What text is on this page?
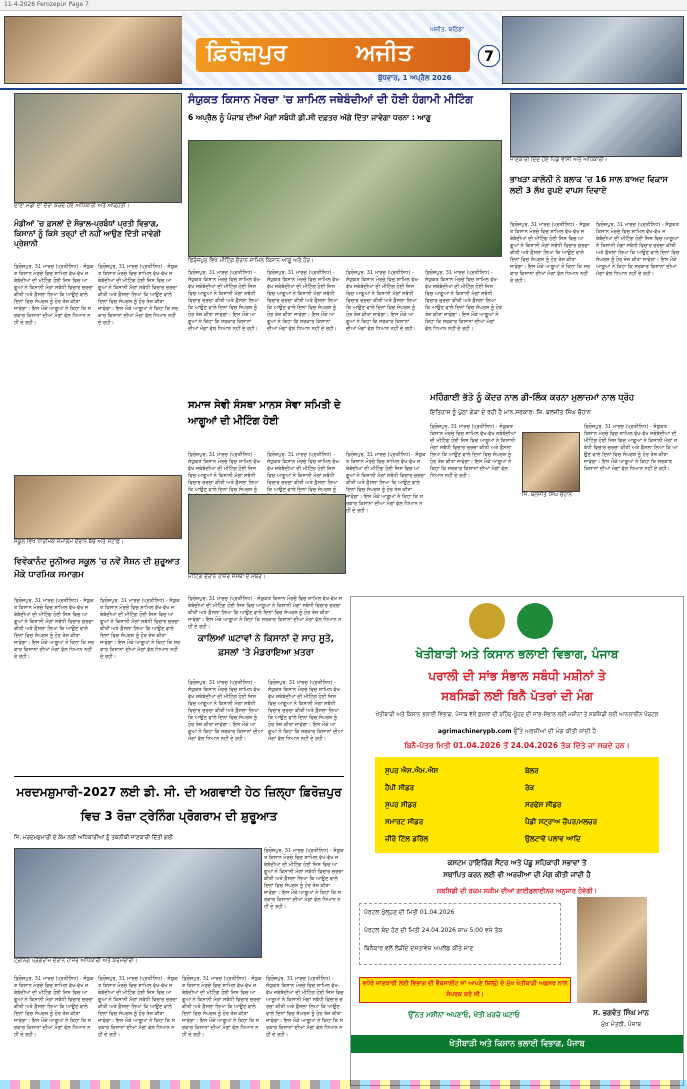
11-4-2026 Ferozepur Page 7
ਫ਼ਿਰੋਜ਼ਪੁਰ	ਅਜੀਤ
ਅਜੀਤ, ਬਠਿੰਡਾ
ਬੁੱਧਵਾਰ, 1 ਅਪ੍ਰੈਲ 2026
7
ਦਾਣਾ ਮੰਡੀ ਦਾ ਦੌਰਾ ਕਰਦੇ ਹੋਏ ਅਧਿਕਾਰੀ ਅਤੇ ਆੜ੍ਹਤੀ।
ਮੰਡੀਆਂ 'ਚ ਫ਼ਸਲਾਂ ਦੇ ਸੰਭਾਲ-ਪ੍ਰਬੰਧਾਂ ਪ੍ਰਤੀ ਵਿਭਾਗ, ਕਿਸਾਨਾਂ ਨੂੰ ਕਿਸੇ ਤਰ੍ਹਾਂ ਦੀ ਨਹੀਂ ਆਉਣ ਦਿੱਤੀ ਜਾਵੇਗੀ ਪ੍ਰੇਸ਼ਾਨੀ
ਫ਼ਿਰੋਜ਼ਪੁਰ, 31 ਮਾਰਚ (ਪ੍ਰਤੀਨਿਧ) - ਸੰਯੁਕਤ ਕਿਸਾਨ ਮੋਰਚੇ ਵਿਚ ਸ਼ਾਮਿਲ ਵੱਖ-ਵੱਖ ਜਥੇਬੰਦੀਆਂ ਦੀ ਮੀਟਿੰਗ ਹੋਈ ਜਿਸ ਵਿਚ ਆਗੂਆਂ ਨੇ ਕਿਸਾਨੀ ਮੰਗਾਂ ਸਬੰਧੀ ਵਿਚਾਰ ਚਰਚਾ ਕੀਤੀ ਅਤੇ ਫ਼ੈਸਲਾ ਲਿਆ ਕਿ ਆਉਣ ਵਾਲੇ ਦਿਨਾਂ ਵਿਚ ਸੰਘਰਸ਼ ਨੂੰ ਹੋਰ ਤੇਜ਼ ਕੀਤਾ ਜਾਵੇਗਾ। ਇਸ ਮੌਕੇ ਆਗੂਆਂ ਨੇ ਕਿਹਾ ਕਿ ਸਰਕਾਰ ਕਿਸਾਨਾਂ ਦੀਆਂ ਮੰਗਾਂ ਵੱਲ ਧਿਆਨ ਨਹੀਂ ਦੇ ਰਹੀ।
ਫ਼ਿਰੋਜ਼ਪੁਰ, 31 ਮਾਰਚ (ਪ੍ਰਤੀਨਿਧ) - ਸੰਯੁਕਤ ਕਿਸਾਨ ਮੋਰਚੇ ਵਿਚ ਸ਼ਾਮਿਲ ਵੱਖ-ਵੱਖ ਜਥੇਬੰਦੀਆਂ ਦੀ ਮੀਟਿੰਗ ਹੋਈ ਜਿਸ ਵਿਚ ਆਗੂਆਂ ਨੇ ਕਿਸਾਨੀ ਮੰਗਾਂ ਸਬੰਧੀ ਵਿਚਾਰ ਚਰਚਾ ਕੀਤੀ ਅਤੇ ਫ਼ੈਸਲਾ ਲਿਆ ਕਿ ਆਉਣ ਵਾਲੇ ਦਿਨਾਂ ਵਿਚ ਸੰਘਰਸ਼ ਨੂੰ ਹੋਰ ਤੇਜ਼ ਕੀਤਾ ਜਾਵੇਗਾ। ਇਸ ਮੌਕੇ ਆਗੂਆਂ ਨੇ ਕਿਹਾ ਕਿ ਸਰਕਾਰ ਕਿਸਾਨਾਂ ਦੀਆਂ ਮੰਗਾਂ ਵੱਲ ਧਿਆਨ ਨਹੀਂ ਦੇ ਰਹੀ।
ਸੰਯੁਕਤ ਕਿਸਾਨ ਮੋਰਚਾ 'ਚ ਸ਼ਾਮਿਲ ਜਥੇਬੰਦੀਆਂ ਦੀ ਹੋਈ ਹੰਗਾਮੀ ਮੀਟਿੰਗ
6 ਅਪ੍ਰੈਲ ਨੂੰ ਪੰਜਾਬ ਦੀਆਂ ਮੰਗਾਂ ਸਬੰਧੀ ਡੀ.ਸੀ ਦਫ਼ਤਰ ਅੱਗੇ ਦਿੱਤਾ ਜਾਵੇਗਾ ਧਰਨਾ : ਆਗੂ
ਫ਼ਿਰੋਜ਼ਪੁਰ ਵਿਖੇ ਮੀਟਿੰਗ ਦੌਰਾਨ ਸ਼ਾਮਿਲ ਕਿਸਾਨ ਆਗੂ ਅਤੇ ਹੋਰ।
ਫ਼ਿਰੋਜ਼ਪੁਰ, 31 ਮਾਰਚ (ਪ੍ਰਤੀਨਿਧ) - ਸੰਯੁਕਤ ਕਿਸਾਨ ਮੋਰਚੇ ਵਿਚ ਸ਼ਾਮਿਲ ਵੱਖ-ਵੱਖ ਜਥੇਬੰਦੀਆਂ ਦੀ ਮੀਟਿੰਗ ਹੋਈ ਜਿਸ ਵਿਚ ਆਗੂਆਂ ਨੇ ਕਿਸਾਨੀ ਮੰਗਾਂ ਸਬੰਧੀ ਵਿਚਾਰ ਚਰਚਾ ਕੀਤੀ ਅਤੇ ਫ਼ੈਸਲਾ ਲਿਆ ਕਿ ਆਉਣ ਵਾਲੇ ਦਿਨਾਂ ਵਿਚ ਸੰਘਰਸ਼ ਨੂੰ ਹੋਰ ਤੇਜ਼ ਕੀਤਾ ਜਾਵੇਗਾ। ਇਸ ਮੌਕੇ ਆਗੂਆਂ ਨੇ ਕਿਹਾ ਕਿ ਸਰਕਾਰ ਕਿਸਾਨਾਂ ਦੀਆਂ ਮੰਗਾਂ ਵੱਲ ਧਿਆਨ ਨਹੀਂ ਦੇ ਰਹੀ।
ਫ਼ਿਰੋਜ਼ਪੁਰ, 31 ਮਾਰਚ (ਪ੍ਰਤੀਨਿਧ) - ਸੰਯੁਕਤ ਕਿਸਾਨ ਮੋਰਚੇ ਵਿਚ ਸ਼ਾਮਿਲ ਵੱਖ-ਵੱਖ ਜਥੇਬੰਦੀਆਂ ਦੀ ਮੀਟਿੰਗ ਹੋਈ ਜਿਸ ਵਿਚ ਆਗੂਆਂ ਨੇ ਕਿਸਾਨੀ ਮੰਗਾਂ ਸਬੰਧੀ ਵਿਚਾਰ ਚਰਚਾ ਕੀਤੀ ਅਤੇ ਫ਼ੈਸਲਾ ਲਿਆ ਕਿ ਆਉਣ ਵਾਲੇ ਦਿਨਾਂ ਵਿਚ ਸੰਘਰਸ਼ ਨੂੰ ਹੋਰ ਤੇਜ਼ ਕੀਤਾ ਜਾਵੇਗਾ। ਇਸ ਮੌਕੇ ਆਗੂਆਂ ਨੇ ਕਿਹਾ ਕਿ ਸਰਕਾਰ ਕਿਸਾਨਾਂ ਦੀਆਂ ਮੰਗਾਂ ਵੱਲ ਧਿਆਨ ਨਹੀਂ ਦੇ ਰਹੀ।
ਫ਼ਿਰੋਜ਼ਪੁਰ, 31 ਮਾਰਚ (ਪ੍ਰਤੀਨਿਧ) - ਸੰਯੁਕਤ ਕਿਸਾਨ ਮੋਰਚੇ ਵਿਚ ਸ਼ਾਮਿਲ ਵੱਖ-ਵੱਖ ਜਥੇਬੰਦੀਆਂ ਦੀ ਮੀਟਿੰਗ ਹੋਈ ਜਿਸ ਵਿਚ ਆਗੂਆਂ ਨੇ ਕਿਸਾਨੀ ਮੰਗਾਂ ਸਬੰਧੀ ਵਿਚਾਰ ਚਰਚਾ ਕੀਤੀ ਅਤੇ ਫ਼ੈਸਲਾ ਲਿਆ ਕਿ ਆਉਣ ਵਾਲੇ ਦਿਨਾਂ ਵਿਚ ਸੰਘਰਸ਼ ਨੂੰ ਹੋਰ ਤੇਜ਼ ਕੀਤਾ ਜਾਵੇਗਾ। ਇਸ ਮੌਕੇ ਆਗੂਆਂ ਨੇ ਕਿਹਾ ਕਿ ਸਰਕਾਰ ਕਿਸਾਨਾਂ ਦੀਆਂ ਮੰਗਾਂ ਵੱਲ ਧਿਆਨ ਨਹੀਂ ਦੇ ਰਹੀ।
ਫ਼ਿਰੋਜ਼ਪੁਰ, 31 ਮਾਰਚ (ਪ੍ਰਤੀਨਿਧ) - ਸੰਯੁਕਤ ਕਿਸਾਨ ਮੋਰਚੇ ਵਿਚ ਸ਼ਾਮਿਲ ਵੱਖ-ਵੱਖ ਜਥੇਬੰਦੀਆਂ ਦੀ ਮੀਟਿੰਗ ਹੋਈ ਜਿਸ ਵਿਚ ਆਗੂਆਂ ਨੇ ਕਿਸਾਨੀ ਮੰਗਾਂ ਸਬੰਧੀ ਵਿਚਾਰ ਚਰਚਾ ਕੀਤੀ ਅਤੇ ਫ਼ੈਸਲਾ ਲਿਆ ਕਿ ਆਉਣ ਵਾਲੇ ਦਿਨਾਂ ਵਿਚ ਸੰਘਰਸ਼ ਨੂੰ ਹੋਰ ਤੇਜ਼ ਕੀਤਾ ਜਾਵੇਗਾ। ਇਸ ਮੌਕੇ ਆਗੂਆਂ ਨੇ ਕਿਹਾ ਕਿ ਸਰਕਾਰ ਕਿਸਾਨਾਂ ਦੀਆਂ ਮੰਗਾਂ ਵੱਲ ਧਿਆਨ ਨਹੀਂ ਦੇ ਰਹੀ।
ਜਾਣਕਾਰੀ ਦਿੰਦੇ ਹੋਏ ਪਿੰਡ ਵਾਸੀ ਅਤੇ ਅਧਿਕਾਰੀ।
ਭਾਖੜਾ ਕਾਲੋਨੀ ਨੇ ਬਲਾਕ 'ਚ 16 ਸਾਲ ਬਾਅਦ ਵਿਕਾਸ ਲਈ 3 ਲੱਖ ਰੁਪਏ ਵਾਪਸ ਦਿਵਾਏ
ਫ਼ਿਰੋਜ਼ਪੁਰ, 31 ਮਾਰਚ (ਪ੍ਰਤੀਨਿਧ) - ਸੰਯੁਕਤ ਕਿਸਾਨ ਮੋਰਚੇ ਵਿਚ ਸ਼ਾਮਿਲ ਵੱਖ-ਵੱਖ ਜਥੇਬੰਦੀਆਂ ਦੀ ਮੀਟਿੰਗ ਹੋਈ ਜਿਸ ਵਿਚ ਆਗੂਆਂ ਨੇ ਕਿਸਾਨੀ ਮੰਗਾਂ ਸਬੰਧੀ ਵਿਚਾਰ ਚਰਚਾ ਕੀਤੀ ਅਤੇ ਫ਼ੈਸਲਾ ਲਿਆ ਕਿ ਆਉਣ ਵਾਲੇ ਦਿਨਾਂ ਵਿਚ ਸੰਘਰਸ਼ ਨੂੰ ਹੋਰ ਤੇਜ਼ ਕੀਤਾ ਜਾਵੇਗਾ। ਇਸ ਮੌਕੇ ਆਗੂਆਂ ਨੇ ਕਿਹਾ ਕਿ ਸਰਕਾਰ ਕਿਸਾਨਾਂ ਦੀਆਂ ਮੰਗਾਂ ਵੱਲ ਧਿਆਨ ਨਹੀਂ ਦੇ ਰਹੀ।
ਫ਼ਿਰੋਜ਼ਪੁਰ, 31 ਮਾਰਚ (ਪ੍ਰਤੀਨਿਧ) - ਸੰਯੁਕਤ ਕਿਸਾਨ ਮੋਰਚੇ ਵਿਚ ਸ਼ਾਮਿਲ ਵੱਖ-ਵੱਖ ਜਥੇਬੰਦੀਆਂ ਦੀ ਮੀਟਿੰਗ ਹੋਈ ਜਿਸ ਵਿਚ ਆਗੂਆਂ ਨੇ ਕਿਸਾਨੀ ਮੰਗਾਂ ਸਬੰਧੀ ਵਿਚਾਰ ਚਰਚਾ ਕੀਤੀ ਅਤੇ ਫ਼ੈਸਲਾ ਲਿਆ ਕਿ ਆਉਣ ਵਾਲੇ ਦਿਨਾਂ ਵਿਚ ਸੰਘਰਸ਼ ਨੂੰ ਹੋਰ ਤੇਜ਼ ਕੀਤਾ ਜਾਵੇਗਾ। ਇਸ ਮੌਕੇ ਆਗੂਆਂ ਨੇ ਕਿਹਾ ਕਿ ਸਰਕਾਰ ਕਿਸਾਨਾਂ ਦੀਆਂ ਮੰਗਾਂ ਵੱਲ ਧਿਆਨ ਨਹੀਂ ਦੇ ਰਹੀ।
ਸਮਾਜ ਸੇਵੀ ਸੰਸਥਾ ਮਾਨਸ ਸੇਵਾ ਸਮਿਤੀ ਦੇ ਆਗੂਆਂ ਦੀ ਮੀਟਿੰਗ ਹੋਈ
ਫ਼ਿਰੋਜ਼ਪੁਰ, 31 ਮਾਰਚ (ਪ੍ਰਤੀਨਿਧ) - ਸੰਯੁਕਤ ਕਿਸਾਨ ਮੋਰਚੇ ਵਿਚ ਸ਼ਾਮਿਲ ਵੱਖ-ਵੱਖ ਜਥੇਬੰਦੀਆਂ ਦੀ ਮੀਟਿੰਗ ਹੋਈ ਜਿਸ ਵਿਚ ਆਗੂਆਂ ਨੇ ਕਿਸਾਨੀ ਮੰਗਾਂ ਸਬੰਧੀ ਵਿਚਾਰ ਚਰਚਾ ਕੀਤੀ ਅਤੇ ਫ਼ੈਸਲਾ ਲਿਆ ਕਿ ਆਉਣ ਵਾਲੇ ਦਿਨਾਂ ਵਿਚ ਸੰਘਰਸ਼ ਨੂੰ
ਫ਼ਿਰੋਜ਼ਪੁਰ, 31 ਮਾਰਚ (ਪ੍ਰਤੀਨਿਧ) - ਸੰਯੁਕਤ ਕਿਸਾਨ ਮੋਰਚੇ ਵਿਚ ਸ਼ਾਮਿਲ ਵੱਖ-ਵੱਖ ਜਥੇਬੰਦੀਆਂ ਦੀ ਮੀਟਿੰਗ ਹੋਈ ਜਿਸ ਵਿਚ ਆਗੂਆਂ ਨੇ ਕਿਸਾਨੀ ਮੰਗਾਂ ਸਬੰਧੀ ਵਿਚਾਰ ਚਰਚਾ ਕੀਤੀ ਅਤੇ ਫ਼ੈਸਲਾ ਲਿਆ ਕਿ ਆਉਣ ਵਾਲੇ ਦਿਨਾਂ ਵਿਚ ਸੰਘਰਸ਼ ਨੂੰ
ਮੀਟਿੰਗ ਦੌਰਾਨ ਹਾਜ਼ਰ ਸੰਸਥਾ ਦੇ ਮੈਂਬਰ।
ਫ਼ਿਰੋਜ਼ਪੁਰ, 31 ਮਾਰਚ (ਪ੍ਰਤੀਨਿਧ) - ਸੰਯੁਕਤ ਕਿਸਾਨ ਮੋਰਚੇ ਵਿਚ ਸ਼ਾਮਿਲ ਵੱਖ-ਵੱਖ ਜਥੇਬੰਦੀਆਂ ਦੀ ਮੀਟਿੰਗ ਹੋਈ ਜਿਸ ਵਿਚ ਆਗੂਆਂ ਨੇ ਕਿਸਾਨੀ ਮੰਗਾਂ ਸਬੰਧੀ ਵਿਚਾਰ ਚਰਚਾ ਕੀਤੀ ਅਤੇ ਫ਼ੈਸਲਾ ਲਿਆ ਕਿ ਆਉਣ ਵਾਲੇ ਦਿਨਾਂ ਵਿਚ ਸੰਘਰਸ਼ ਨੂੰ ਹੋਰ ਤੇਜ਼ ਕੀਤਾ ਜਾਵੇਗਾ। ਇਸ ਮੌਕੇ ਆਗੂਆਂ ਨੇ ਕਿਹਾ ਕਿ ਸਰਕਾਰ ਕਿਸਾਨਾਂ ਦੀਆਂ ਮੰਗਾਂ ਵੱਲ ਧਿਆਨ ਨਹੀਂ ਦੇ ਰਹੀ।
ਮਹਿੰਗਾਈ ਭੱਤੇ ਨੂੰ ਕੇਂਦਰ ਨਾਲ ਡੀ-ਲਿੰਕ ਕਰਨਾ ਮੁਲਾਜ਼ਮਾਂ ਨਾਲ ਧ੍ਰੋਹ
ਇਤਿਹਾਸ ਨੂੰ ਪੁੱਠਾ ਗੇੜਾ ਦੇ ਰਹੀ ਹੈ ਮਾਨ ਸਰਕਾਰ: ਜਿ. ਬਲਜੀਤ ਸਿੰਘ ਚੌਹਾਨ
ਫ਼ਿਰੋਜ਼ਪੁਰ, 31 ਮਾਰਚ (ਪ੍ਰਤੀਨਿਧ) - ਸੰਯੁਕਤ ਕਿਸਾਨ ਮੋਰਚੇ ਵਿਚ ਸ਼ਾਮਿਲ ਵੱਖ-ਵੱਖ ਜਥੇਬੰਦੀਆਂ ਦੀ ਮੀਟਿੰਗ ਹੋਈ ਜਿਸ ਵਿਚ ਆਗੂਆਂ ਨੇ ਕਿਸਾਨੀ ਮੰਗਾਂ ਸਬੰਧੀ ਵਿਚਾਰ ਚਰਚਾ ਕੀਤੀ ਅਤੇ ਫ਼ੈਸਲਾ ਲਿਆ ਕਿ ਆਉਣ ਵਾਲੇ ਦਿਨਾਂ ਵਿਚ ਸੰਘਰਸ਼ ਨੂੰ ਹੋਰ ਤੇਜ਼ ਕੀਤਾ ਜਾਵੇਗਾ। ਇਸ ਮੌਕੇ ਆਗੂਆਂ ਨੇ ਕਿਹਾ ਕਿ ਸਰਕਾਰ ਕਿਸਾਨਾਂ ਦੀਆਂ ਮੰਗਾਂ ਵੱਲ ਧਿਆਨ ਨਹੀਂ ਦੇ ਰਹੀ।
ਜਿ. ਬਲਜੀਤ ਸਿੰਘ ਚੌਹਾਨ
ਫ਼ਿਰੋਜ਼ਪੁਰ, 31 ਮਾਰਚ (ਪ੍ਰਤੀਨਿਧ) - ਸੰਯੁਕਤ ਕਿਸਾਨ ਮੋਰਚੇ ਵਿਚ ਸ਼ਾਮਿਲ ਵੱਖ-ਵੱਖ ਜਥੇਬੰਦੀਆਂ ਦੀ ਮੀਟਿੰਗ ਹੋਈ ਜਿਸ ਵਿਚ ਆਗੂਆਂ ਨੇ ਕਿਸਾਨੀ ਮੰਗਾਂ ਸਬੰਧੀ ਵਿਚਾਰ ਚਰਚਾ ਕੀਤੀ ਅਤੇ ਫ਼ੈਸਲਾ ਲਿਆ ਕਿ ਆਉਣ ਵਾਲੇ ਦਿਨਾਂ ਵਿਚ ਸੰਘਰਸ਼ ਨੂੰ ਹੋਰ ਤੇਜ਼ ਕੀਤਾ ਜਾਵੇਗਾ। ਇਸ ਮੌਕੇ ਆਗੂਆਂ ਨੇ ਕਿਹਾ ਕਿ ਸਰਕਾਰ ਕਿਸਾਨਾਂ ਦੀਆਂ ਮੰਗਾਂ ਵੱਲ ਧਿਆਨ ਨਹੀਂ ਦੇ ਰਹੀ।
ਸਕੂਲ ਵਿਖੇ ਧਾਰਮਿਕ ਸਮਾਗਮ ਦੌਰਾਨ ਬੱਚੇ ਅਤੇ ਸਟਾਫ਼।
ਵਿਵੇਕਾਨੰਦ ਜੂਨੀਅਰ ਸਕੂਲ 'ਚ ਨਵੇਂ ਸੈਸ਼ਨ ਦੀ ਸ਼ੁਰੂਆਤ ਮੌਕੇ ਧਾਰਮਿਕ ਸਮਾਗਮ
ਫ਼ਿਰੋਜ਼ਪੁਰ, 31 ਮਾਰਚ (ਪ੍ਰਤੀਨਿਧ) - ਸੰਯੁਕਤ ਕਿਸਾਨ ਮੋਰਚੇ ਵਿਚ ਸ਼ਾਮਿਲ ਵੱਖ-ਵੱਖ ਜਥੇਬੰਦੀਆਂ ਦੀ ਮੀਟਿੰਗ ਹੋਈ ਜਿਸ ਵਿਚ ਆਗੂਆਂ ਨੇ ਕਿਸਾਨੀ ਮੰਗਾਂ ਸਬੰਧੀ ਵਿਚਾਰ ਚਰਚਾ ਕੀਤੀ ਅਤੇ ਫ਼ੈਸਲਾ ਲਿਆ ਕਿ ਆਉਣ ਵਾਲੇ ਦਿਨਾਂ ਵਿਚ ਸੰਘਰਸ਼ ਨੂੰ ਹੋਰ ਤੇਜ਼ ਕੀਤਾ ਜਾਵੇਗਾ। ਇਸ ਮੌਕੇ ਆਗੂਆਂ ਨੇ ਕਿਹਾ ਕਿ ਸਰਕਾਰ ਕਿਸਾਨਾਂ ਦੀਆਂ ਮੰਗਾਂ ਵੱਲ ਧਿਆਨ ਨਹੀਂ ਦੇ ਰਹੀ।
ਫ਼ਿਰੋਜ਼ਪੁਰ, 31 ਮਾਰਚ (ਪ੍ਰਤੀਨਿਧ) - ਸੰਯੁਕਤ ਕਿਸਾਨ ਮੋਰਚੇ ਵਿਚ ਸ਼ਾਮਿਲ ਵੱਖ-ਵੱਖ ਜਥੇਬੰਦੀਆਂ ਦੀ ਮੀਟਿੰਗ ਹੋਈ ਜਿਸ ਵਿਚ ਆਗੂਆਂ ਨੇ ਕਿਸਾਨੀ ਮੰਗਾਂ ਸਬੰਧੀ ਵਿਚਾਰ ਚਰਚਾ ਕੀਤੀ ਅਤੇ ਫ਼ੈਸਲਾ ਲਿਆ ਕਿ ਆਉਣ ਵਾਲੇ ਦਿਨਾਂ ਵਿਚ ਸੰਘਰਸ਼ ਨੂੰ ਹੋਰ ਤੇਜ਼ ਕੀਤਾ ਜਾਵੇਗਾ। ਇਸ ਮੌਕੇ ਆਗੂਆਂ ਨੇ ਕਿਹਾ ਕਿ ਸਰਕਾਰ ਕਿਸਾਨਾਂ ਦੀਆਂ ਮੰਗਾਂ ਵੱਲ ਧਿਆਨ ਨਹੀਂ ਦੇ ਰਹੀ।
ਫ਼ਿਰੋਜ਼ਪੁਰ, 31 ਮਾਰਚ (ਪ੍ਰਤੀਨਿਧ) - ਸੰਯੁਕਤ ਕਿਸਾਨ ਮੋਰਚੇ ਵਿਚ ਸ਼ਾਮਿਲ ਵੱਖ-ਵੱਖ ਜਥੇਬੰਦੀਆਂ ਦੀ ਮੀਟਿੰਗ ਹੋਈ ਜਿਸ ਵਿਚ ਆਗੂਆਂ ਨੇ ਕਿਸਾਨੀ ਮੰਗਾਂ ਸਬੰਧੀ ਵਿਚਾਰ ਚਰਚਾ ਕੀਤੀ ਅਤੇ ਫ਼ੈਸਲਾ ਲਿਆ ਕਿ ਆਉਣ ਵਾਲੇ ਦਿਨਾਂ ਵਿਚ ਸੰਘਰਸ਼ ਨੂੰ ਹੋਰ ਤੇਜ਼ ਕੀਤਾ ਜਾਵੇਗਾ। ਇਸ ਮੌਕੇ ਆਗੂਆਂ ਨੇ ਕਿਹਾ ਕਿ ਸਰਕਾਰ ਕਿਸਾਨਾਂ ਦੀਆਂ ਮੰਗਾਂ ਵੱਲ ਧਿਆਨ ਨਹੀਂ ਦੇ ਰਹੀ।
ਕਾਲਿਆਂ ਘਟਾਵਾਂ ਨੇ ਕਿਸਾਨਾਂ ਦੇ ਸਾਹ ਸੂਤੇ, ਫ਼ਸਲਾਂ 'ਤੇ ਮੰਡਰਾਇਆ ਖ਼ਤਰਾ
ਫ਼ਿਰੋਜ਼ਪੁਰ, 31 ਮਾਰਚ (ਪ੍ਰਤੀਨਿਧ) - ਸੰਯੁਕਤ ਕਿਸਾਨ ਮੋਰਚੇ ਵਿਚ ਸ਼ਾਮਿਲ ਵੱਖ-ਵੱਖ ਜਥੇਬੰਦੀਆਂ ਦੀ ਮੀਟਿੰਗ ਹੋਈ ਜਿਸ ਵਿਚ ਆਗੂਆਂ ਨੇ ਕਿਸਾਨੀ ਮੰਗਾਂ ਸਬੰਧੀ ਵਿਚਾਰ ਚਰਚਾ ਕੀਤੀ ਅਤੇ ਫ਼ੈਸਲਾ ਲਿਆ ਕਿ ਆਉਣ ਵਾਲੇ ਦਿਨਾਂ ਵਿਚ ਸੰਘਰਸ਼ ਨੂੰ ਹੋਰ ਤੇਜ਼ ਕੀਤਾ ਜਾਵੇਗਾ। ਇਸ ਮੌਕੇ ਆਗੂਆਂ ਨੇ ਕਿਹਾ ਕਿ ਸਰਕਾਰ ਕਿਸਾਨਾਂ ਦੀਆਂ ਮੰਗਾਂ ਵੱਲ ਧਿਆਨ ਨਹੀਂ ਦੇ ਰਹੀ।
ਫ਼ਿਰੋਜ਼ਪੁਰ, 31 ਮਾਰਚ (ਪ੍ਰਤੀਨਿਧ) - ਸੰਯੁਕਤ ਕਿਸਾਨ ਮੋਰਚੇ ਵਿਚ ਸ਼ਾਮਿਲ ਵੱਖ-ਵੱਖ ਜਥੇਬੰਦੀਆਂ ਦੀ ਮੀਟਿੰਗ ਹੋਈ ਜਿਸ ਵਿਚ ਆਗੂਆਂ ਨੇ ਕਿਸਾਨੀ ਮੰਗਾਂ ਸਬੰਧੀ ਵਿਚਾਰ ਚਰਚਾ ਕੀਤੀ ਅਤੇ ਫ਼ੈਸਲਾ ਲਿਆ ਕਿ ਆਉਣ ਵਾਲੇ ਦਿਨਾਂ ਵਿਚ ਸੰਘਰਸ਼ ਨੂੰ ਹੋਰ ਤੇਜ਼ ਕੀਤਾ ਜਾਵੇਗਾ। ਇਸ ਮੌਕੇ ਆਗੂਆਂ ਨੇ ਕਿਹਾ ਕਿ ਸਰਕਾਰ ਕਿਸਾਨਾਂ ਦੀਆਂ ਮੰਗਾਂ ਵੱਲ ਧਿਆਨ ਨਹੀਂ ਦੇ ਰਹੀ।
ਮਰਦਮਸ਼ੁਮਾਰੀ-2027 ਲਈ ਡੀ. ਸੀ. ਦੀ ਅਗਵਾਈ ਹੇਠ ਜ਼ਿਲ੍ਹਾ ਫ਼ਿਰੋਜ਼ਪੁਰ ਵਿਚ 3 ਰੋਜ਼ਾ ਟ੍ਰੇਨਿੰਗ ਪ੍ਰੋਗਰਾਮ ਦੀ ਸ਼ੁਰੂਆਤ
ਜਿ. ਮਰਦਮਸ਼ੁਮਾਰੀ ਦੇ ਕੰਮ ਲਈ ਅਧਿਕਾਰੀਆਂ ਨੂੰ ਤਕਨੀਕੀ ਜਾਣਕਾਰੀ ਦਿੱਤੀ ਗਈ
ਟ੍ਰੇਨਿੰਗ ਪ੍ਰੋਗਰਾਮ ਦੌਰਾਨ ਹਾਜ਼ਰ ਅਧਿਕਾਰੀ ਅਤੇ ਕਰਮਚਾਰੀ।
ਫ਼ਿਰੋਜ਼ਪੁਰ, 31 ਮਾਰਚ (ਪ੍ਰਤੀਨਿਧ) - ਸੰਯੁਕਤ ਕਿਸਾਨ ਮੋਰਚੇ ਵਿਚ ਸ਼ਾਮਿਲ ਵੱਖ-ਵੱਖ ਜਥੇਬੰਦੀਆਂ ਦੀ ਮੀਟਿੰਗ ਹੋਈ ਜਿਸ ਵਿਚ ਆਗੂਆਂ ਨੇ ਕਿਸਾਨੀ ਮੰਗਾਂ ਸਬੰਧੀ ਵਿਚਾਰ ਚਰਚਾ ਕੀਤੀ ਅਤੇ ਫ਼ੈਸਲਾ ਲਿਆ ਕਿ ਆਉਣ ਵਾਲੇ ਦਿਨਾਂ ਵਿਚ ਸੰਘਰਸ਼ ਨੂੰ ਹੋਰ ਤੇਜ਼ ਕੀਤਾ ਜਾਵੇਗਾ। ਇਸ ਮੌਕੇ ਆਗੂਆਂ ਨੇ ਕਿਹਾ ਕਿ ਸਰਕਾਰ ਕਿਸਾਨਾਂ ਦੀਆਂ ਮੰਗਾਂ ਵੱਲ ਧਿਆਨ ਨਹੀਂ ਦੇ ਰਹੀ।
ਫ਼ਿਰੋਜ਼ਪੁਰ, 31 ਮਾਰਚ (ਪ੍ਰਤੀਨਿਧ) - ਸੰਯੁਕਤ ਕਿਸਾਨ ਮੋਰਚੇ ਵਿਚ ਸ਼ਾਮਿਲ ਵੱਖ-ਵੱਖ ਜਥੇਬੰਦੀਆਂ ਦੀ ਮੀਟਿੰਗ ਹੋਈ ਜਿਸ ਵਿਚ ਆਗੂਆਂ ਨੇ ਕਿਸਾਨੀ ਮੰਗਾਂ ਸਬੰਧੀ ਵਿਚਾਰ ਚਰਚਾ ਕੀਤੀ ਅਤੇ ਫ਼ੈਸਲਾ ਲਿਆ ਕਿ ਆਉਣ ਵਾਲੇ ਦਿਨਾਂ ਵਿਚ ਸੰਘਰਸ਼ ਨੂੰ ਹੋਰ ਤੇਜ਼ ਕੀਤਾ ਜਾਵੇਗਾ। ਇਸ ਮੌਕੇ ਆਗੂਆਂ ਨੇ ਕਿਹਾ ਕਿ ਸਰਕਾਰ ਕਿਸਾਨਾਂ ਦੀਆਂ ਮੰਗਾਂ ਵੱਲ ਧਿਆਨ ਨਹੀਂ ਦੇ ਰਹੀ।
ਫ਼ਿਰੋਜ਼ਪੁਰ, 31 ਮਾਰਚ (ਪ੍ਰਤੀਨਿਧ) - ਸੰਯੁਕਤ ਕਿਸਾਨ ਮੋਰਚੇ ਵਿਚ ਸ਼ਾਮਿਲ ਵੱਖ-ਵੱਖ ਜਥੇਬੰਦੀਆਂ ਦੀ ਮੀਟਿੰਗ ਹੋਈ ਜਿਸ ਵਿਚ ਆਗੂਆਂ ਨੇ ਕਿਸਾਨੀ ਮੰਗਾਂ ਸਬੰਧੀ ਵਿਚਾਰ ਚਰਚਾ ਕੀਤੀ ਅਤੇ ਫ਼ੈਸਲਾ ਲਿਆ ਕਿ ਆਉਣ ਵਾਲੇ ਦਿਨਾਂ ਵਿਚ ਸੰਘਰਸ਼ ਨੂੰ ਹੋਰ ਤੇਜ਼ ਕੀਤਾ ਜਾਵੇਗਾ। ਇਸ ਮੌਕੇ ਆਗੂਆਂ ਨੇ ਕਿਹਾ ਕਿ ਸਰਕਾਰ ਕਿਸਾਨਾਂ ਦੀਆਂ ਮੰਗਾਂ ਵੱਲ ਧਿਆਨ ਨਹੀਂ ਦੇ ਰਹੀ।
ਫ਼ਿਰੋਜ਼ਪੁਰ, 31 ਮਾਰਚ (ਪ੍ਰਤੀਨਿਧ) - ਸੰਯੁਕਤ ਕਿਸਾਨ ਮੋਰਚੇ ਵਿਚ ਸ਼ਾਮਿਲ ਵੱਖ-ਵੱਖ ਜਥੇਬੰਦੀਆਂ ਦੀ ਮੀਟਿੰਗ ਹੋਈ ਜਿਸ ਵਿਚ ਆਗੂਆਂ ਨੇ ਕਿਸਾਨੀ ਮੰਗਾਂ ਸਬੰਧੀ ਵਿਚਾਰ ਚਰਚਾ ਕੀਤੀ ਅਤੇ ਫ਼ੈਸਲਾ ਲਿਆ ਕਿ ਆਉਣ ਵਾਲੇ ਦਿਨਾਂ ਵਿਚ ਸੰਘਰਸ਼ ਨੂੰ ਹੋਰ ਤੇਜ਼ ਕੀਤਾ ਜਾਵੇਗਾ। ਇਸ ਮੌਕੇ ਆਗੂਆਂ ਨੇ ਕਿਹਾ ਕਿ ਸਰਕਾਰ ਕਿਸਾਨਾਂ ਦੀਆਂ ਮੰਗਾਂ ਵੱਲ ਧਿਆਨ ਨਹੀਂ ਦੇ ਰਹੀ।
ਫ਼ਿਰੋਜ਼ਪੁਰ, 31 ਮਾਰਚ (ਪ੍ਰਤੀਨਿਧ) - ਸੰਯੁਕਤ ਕਿਸਾਨ ਮੋਰਚੇ ਵਿਚ ਸ਼ਾਮਿਲ ਵੱਖ-ਵੱਖ ਜਥੇਬੰਦੀਆਂ ਦੀ ਮੀਟਿੰਗ ਹੋਈ ਜਿਸ ਵਿਚ ਆਗੂਆਂ ਨੇ ਕਿਸਾਨੀ ਮੰਗਾਂ ਸਬੰਧੀ ਵਿਚਾਰ ਚਰਚਾ ਕੀਤੀ ਅਤੇ ਫ਼ੈਸਲਾ ਲਿਆ ਕਿ ਆਉਣ ਵਾਲੇ ਦਿਨਾਂ ਵਿਚ ਸੰਘਰਸ਼ ਨੂੰ ਹੋਰ ਤੇਜ਼ ਕੀਤਾ ਜਾਵੇਗਾ। ਇਸ ਮੌਕੇ ਆਗੂਆਂ ਨੇ ਕਿਹਾ ਕਿ ਸਰਕਾਰ ਕਿਸਾਨਾਂ ਦੀਆਂ ਮੰਗਾਂ ਵੱਲ ਧਿਆਨ ਨਹੀਂ ਦੇ ਰਹੀ।
ਖੇਤੀਬਾੜੀ ਅਤੇ ਕਿਸਾਨ ਭਲਾਈ ਵਿਭਾਗ, ਪੰਜਾਬ
ਪਰਾਲੀ ਦੀ ਸਾਂਭ ਸੰਭਾਲ ਸਬੰਧੀ ਮਸ਼ੀਨਾਂ ਤੇ
ਸਬਸਿਡੀ ਲਈ ਬਿਨੈ ਪੱਤਰਾਂ ਦੀ ਮੰਗ
ਖੇਤੀਬਾੜੀ ਅਤੇ ਕਿਸਾਨ ਭਲਾਈ ਵਿਭਾਗ, ਪੰਜਾਬ ਵੱਲੋਂ ਫ਼ਸਲਾਂ ਦੀ ਰਹਿੰਦ-ਖੂੰਹਦ ਦੀ ਸਾਂਭ-ਸੰਭਾਲ ਲਈ ਮਸ਼ੀਨਾਂ ਤੇ ਸਬਸਿਡੀ ਲਈ ਆਨਲਾਈਨ ਪੋਰਟਲ
agrimachinerypb.com ਉੱਤੇ ਅਰਜ਼ੀਆਂ ਦੀ ਮੰਗ ਕੀਤੀ ਜਾਂਦੀ ਹੈ
ਬਿਨੈ-ਪੱਤਰ ਮਿਤੀ 01.04.2026 ਤੋਂ 24.04.2026 ਤੱਕ ਦਿੱਤੇ ਜਾ ਸਕਦੇ ਹਨ।
ਸੁਪਰ ਐਸ.ਐਮ.ਐਸ
ਹੈਪੀ ਸੀਡਰ
ਸੁਪਰ ਸੀਡਰ
ਸਮਾਰਟ ਸੀਡਰ
ਜ਼ੀਰੋ ਟਿੱਲ ਡਰਿੱਲ
ਬੇਲਰ
ਰੇਕ
ਸਰਫੇਸ ਸੀਡਰ
ਪੈਡੀ ਸਟ੍ਰਾਅ ਚੌਪਰ/ਮਲਚਰ
ਉਲਟਾਵੇਂ ਪਲਾਵ ਆਦਿ
ਕਸਟਮ ਹਾਇਰਿੰਗ ਸੈਂਟਰ ਅਤੇ ਪੇਂਡੂ ਸਹਿਕਾਰੀ ਸਭਾਵਾਂ ਤੋਂ
ਸਥਾਪਿਤ ਕਰਨ ਲਈ ਵੀ ਅਰਜ਼ੀਆਂ ਦੀ ਮੰਗ ਕੀਤੀ ਜਾਂਦੀ ਹੈ
ਸਬਸਿਡੀ ਦੀ ਰਕਮ ਸਕੀਮ ਦੀਆਂ ਗਾਈਡਲਾਈਨਜ਼ ਅਨੁਸਾਰ ਹੋਵੇਗੀ।
ਪੋਰਟਲ ਖੁੱਲ੍ਹਣ ਦੀ ਮਿਤੀ 01.04.2026
ਪੋਰਟਲ ਬੰਦ ਹੋਣ ਦੀ ਮਿਤੀ 24.04.2026 ਸ਼ਾਮ 5:00 ਵਜੇ ਤੱਕ
ਬਿਨੈਕਾਰ ਵਲੋਂ ਲੋੜੀਂਦੇ ਦਸਤਾਵੇਜ਼ ਅਪਲੋਡ ਕੀਤੇ ਜਾਣ
ਵਧੇਰੇ ਜਾਣਕਾਰੀ ਲਈ ਵਿਭਾਗ ਦੀ ਵੈਬਸਾਈਟ ਜਾਂ ਆਪਣੇ ਜ਼ਿਲ੍ਹੇ ਦੇ ਮੁੱਖ ਖੇਤੀਬਾੜੀ ਅਫ਼ਸਰ ਨਾਲ ਸੰਪਰਕ ਕਰੋ ਜੀ।
ਉੱਨਤ ਮਸ਼ੀਨਾਂ ਅਪਣਾਓ, ਖੇਤੀ ਖ਼ਰਚੇ ਘਟਾਓ	ਸ. ਭਗਵੰਤ ਸਿੰਘ ਮਾਨ
ਮੁੱਖ ਮੰਤਰੀ, ਪੰਜਾਬ
ਖੇਤੀਬਾੜੀ ਅਤੇ ਕਿਸਾਨ ਭਲਾਈ ਵਿਭਾਗ, ਪੰਜਾਬ
